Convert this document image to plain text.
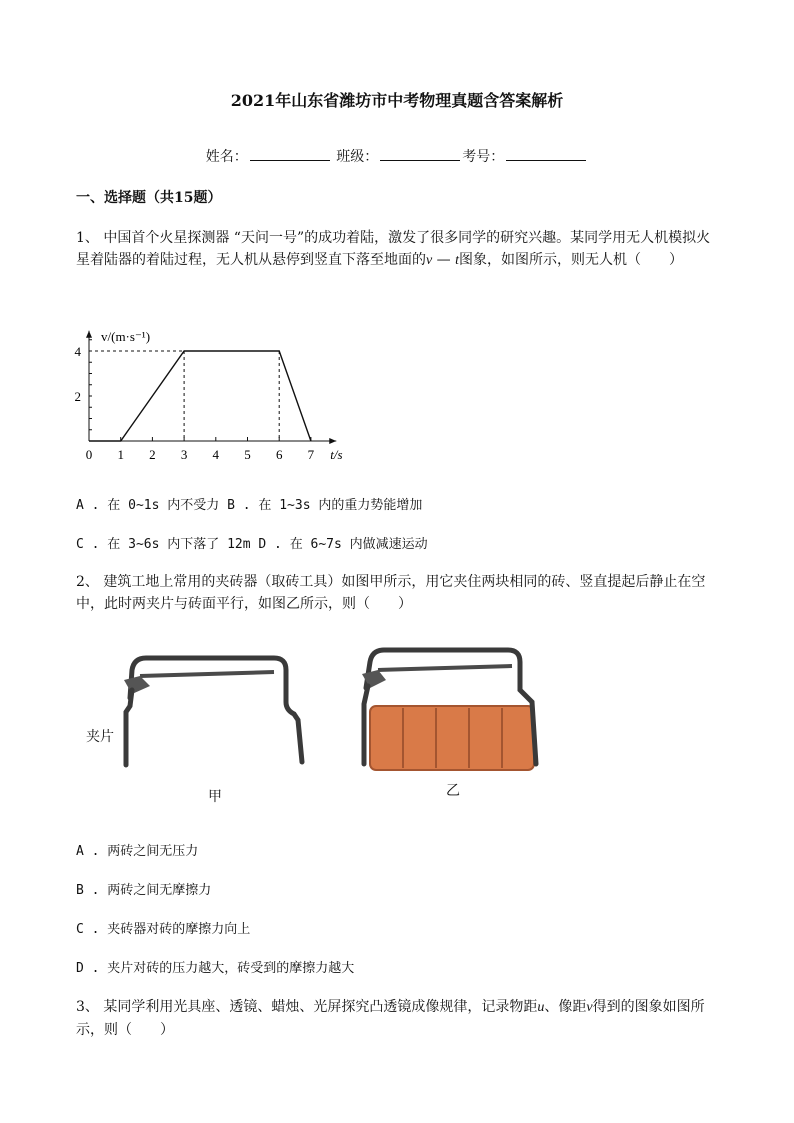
2021年山东省潍坊市中考物理真题含答案解析
姓名：	班级：	考号：
一、选择题（共15题）
1、 中国首个火星探测器 “天问一号”的成功着陆，激发了很多同学的研究兴趣。某同学用无人机模拟火星着陆器的着陆过程，无人机从悬停到竖直下落至地面的v — t图象，如图所示，则无人机（　　）
0 1 2 3 4 5 6 7
2
4
t/s
v/(m·s⁻¹)
A . 在 0~1s 内不受力 B . 在 1~3s 内的重力势能增加
C . 在 3~6s 内下落了 12m D . 在 6~7s 内做减速运动
2、 建筑工地上常用的夹砖器（取砖工具）如图甲所示，用它夹住两块相同的砖、竖直提起后静止在空中，此时两夹片与砖面平行，如图乙所示，则（　　）
夹片
甲	乙
A . 两砖之间无压力
B . 两砖之间无摩擦力
C . 夹砖器对砖的摩擦力向上
D . 夹片对砖的压力越大，砖受到的摩擦力越大
3、 某同学利用光具座、透镜、蜡烛、光屏探究凸透镜成像规律，记录物距u、像距v得到的图象如图所示，则（　　）
